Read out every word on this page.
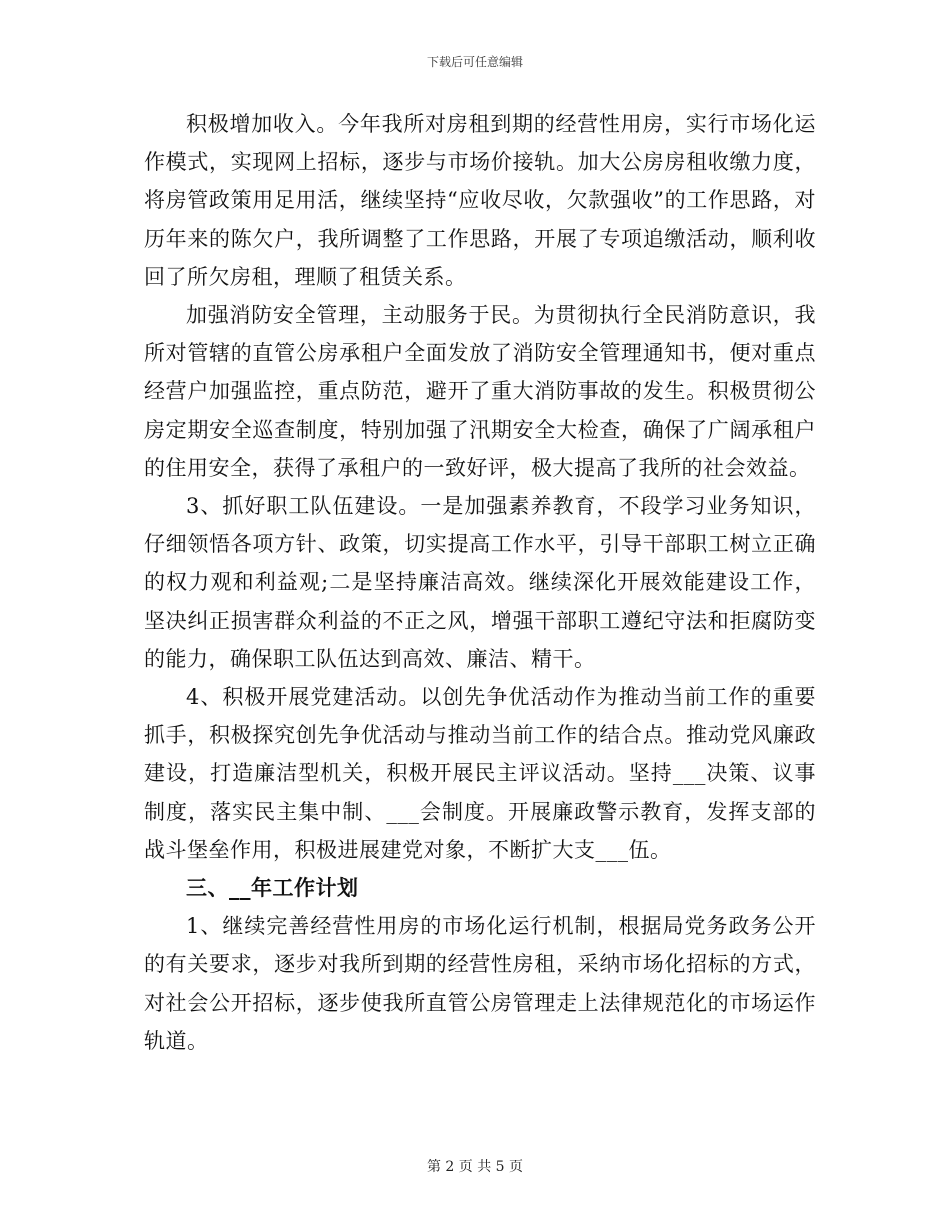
下载后可任意编辑

积极增加收入。今年我所对房租到期的经营性用房，实行市场化运作模式，实现网上招标，逐步与市场价接轨。加大公房房租收缴力度，将房管政策用足用活，继续坚持“应收尽收，欠款强收”的工作思路，对历年来的陈欠户，我所调整了工作思路，开展了专项追缴活动，顺利收回了所欠房租，理顺了租赁关系。

加强消防安全管理，主动服务于民。为贯彻执行全民消防意识，我所对管辖的直管公房承租户全面发放了消防安全管理通知书，便对重点经营户加强监控，重点防范，避开了重大消防事故的发生。积极贯彻公房定期安全巡查制度，特别加强了汛期安全大检查，确保了广阔承租户的住用安全，获得了承租户的一致好评，极大提高了我所的社会效益。

3、抓好职工队伍建设。一是加强素养教育，不段学习业务知识，仔细领悟各项方针、政策，切实提高工作水平，引导干部职工树立正确的权力观和利益观;二是坚持廉洁高效。继续深化开展效能建设工作，坚决纠正损害群众利益的不正之风，增强干部职工遵纪守法和拒腐防变的能力，确保职工队伍达到高效、廉洁、精干。

4、积极开展党建活动。以创先争优活动作为推动当前工作的重要抓手，积极探究创先争优活动与推动当前工作的结合点。推动党风廉政建设，打造廉洁型机关，积极开展民主评议活动。坚持___决策、议事制度，落实民主集中制、___会制度。开展廉政警示教育，发挥支部的战斗堡垒作用，积极进展建党对象，不断扩大支___伍。

三、__年工作计划

1、继续完善经营性用房的市场化运行机制，根据局党务政务公开的有关要求，逐步对我所到期的经营性房租，采纳市场化招标的方式，对社会公开招标，逐步使我所直管公房管理走上法律规范化的市场运作轨道。

第 2 页 共 5 页
